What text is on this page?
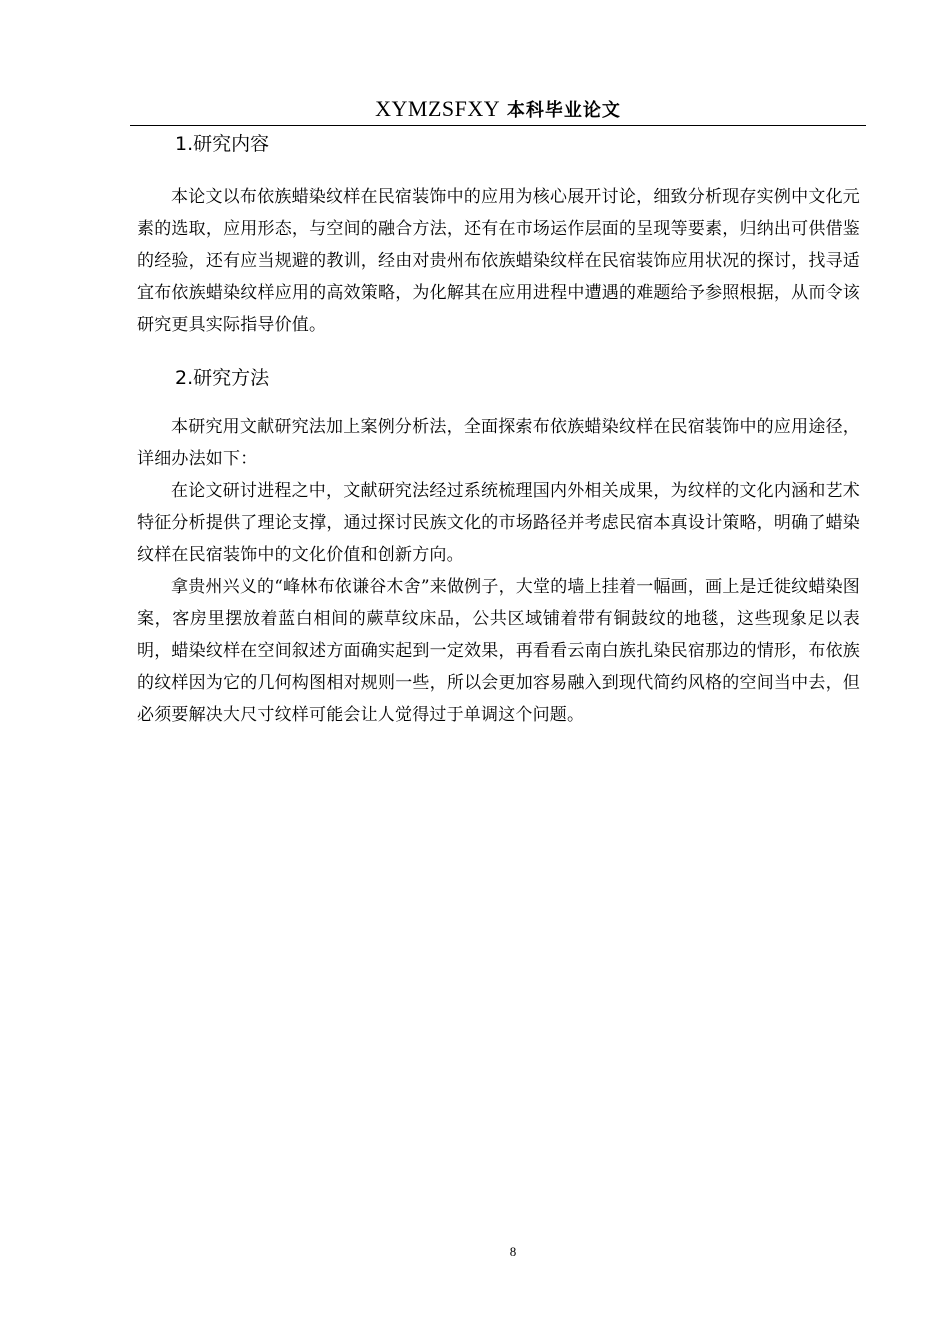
XYMZSFXY 本科毕业论文
1.研究内容

本论文以布依族蜡染纹样在民宿装饰中的应用为核心展开讨论，细致分析现存实例中文化元素的选取，应用形态，与空间的融合方法，还有在市场运作层面的呈现等要素，归纳出可供借鉴的经验，还有应当规避的教训，经由对贵州布依族蜡染纹样在民宿装饰应用状况的探讨，找寻适宜布依族蜡染纹样应用的高效策略，为化解其在应用进程中遭遇的难题给予参照根据，从而令该研究更具实际指导价值。

2.研究方法

本研究用文献研究法加上案例分析法，全面探索布依族蜡染纹样在民宿装饰中的应用途径，详细办法如下：

在论文研讨进程之中，文献研究法经过系统梳理国内外相关成果，为纹样的文化内涵和艺术特征分析提供了理论支撑，通过探讨民族文化的市场路径并考虑民宿本真设计策略，明确了蜡染纹样在民宿装饰中的文化价值和创新方向。

拿贵州兴义的“峰林布依谦谷木舍”来做例子，大堂的墙上挂着一幅画，画上是迁徙纹蜡染图案，客房里摆放着蓝白相间的蕨草纹床品，公共区域铺着带有铜鼓纹的地毯，这些现象足以表明，蜡染纹样在空间叙述方面确实起到一定效果，再看看云南白族扎染民宿那边的情形，布依族的纹样因为它的几何构图相对规则一些，所以会更加容易融入到现代简约风格的空间当中去，但必须要解决大尺寸纹样可能会让人觉得过于单调这个问题。

8
